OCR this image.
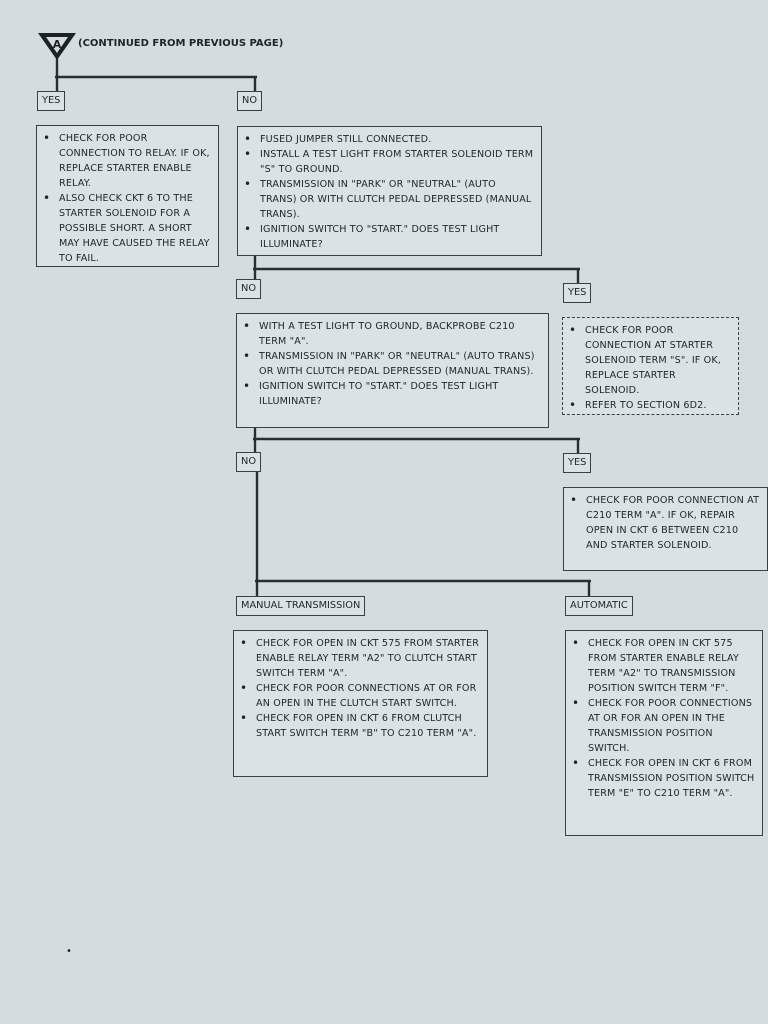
A (CONTINUED FROM PREVIOUS PAGE)
YES	NO
NO	YES
NO	YES
MANUAL TRANSMISSION	AUTOMATIC
• CHECK FOR POOR CONNECTION TO RELAY. IF OK, REPLACE STARTER ENABLE RELAY.
• ALSO CHECK CKT 6 TO THE STARTER SOLENOID FOR A POSSIBLE SHORT. A SHORT MAY HAVE CAUSED THE RELAY TO FAIL.
• FUSED JUMPER STILL CONNECTED.
• INSTALL A TEST LIGHT FROM STARTER SOLENOID TERM "S" TO GROUND.
• TRANSMISSION IN "PARK" OR "NEUTRAL" (AUTO TRANS) OR WITH CLUTCH PEDAL DEPRESSED (MANUAL TRANS).
• IGNITION SWITCH TO "START." DOES TEST LIGHT ILLUMINATE?
• WITH A TEST LIGHT TO GROUND, BACKPROBE C210 TERM "A".
• TRANSMISSION IN "PARK" OR "NEUTRAL" (AUTO TRANS) OR WITH CLUTCH PEDAL DEPRESSED (MANUAL TRANS).
• IGNITION SWITCH TO "START." DOES TEST LIGHT ILLUMINATE?
• CHECK FOR POOR CONNECTION AT STARTER SOLENOID TERM "S". IF OK, REPLACE STARTER SOLENOID.
• REFER TO SECTION 6D2.
• CHECK FOR POOR CONNECTION AT C210 TERM "A". IF OK, REPAIR OPEN IN CKT 6 BETWEEN C210 AND STARTER SOLENOID.
• CHECK FOR OPEN IN CKT 575 FROM STARTER ENABLE RELAY TERM "A2" TO CLUTCH START SWITCH TERM "A".
• CHECK FOR POOR CONNECTIONS AT OR FOR AN OPEN IN THE CLUTCH START SWITCH.
• CHECK FOR OPEN IN CKT 6 FROM CLUTCH START SWITCH TERM "B" TO C210 TERM "A".
• CHECK FOR OPEN IN CKT 575 FROM STARTER ENABLE RELAY TERM "A2" TO TRANSMISSION POSITION SWITCH TERM "F".
• CHECK FOR POOR CONNECTIONS AT OR FOR AN OPEN IN THE TRANSMISSION POSITION SWITCH.
• CHECK FOR OPEN IN CKT 6 FROM TRANSMISSION POSITION SWITCH TERM "E" TO C210 TERM "A".
•
